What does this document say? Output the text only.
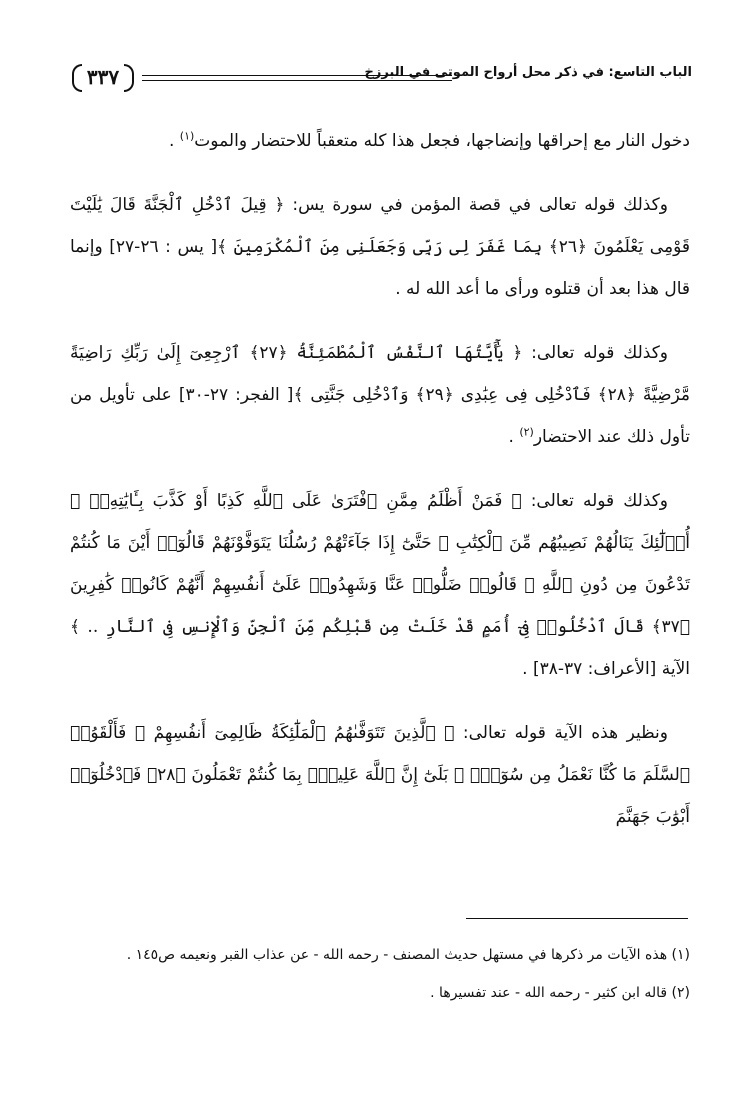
٣٣٧	الباب التاسع: في ذكر محل أرواح الموتى في البرزخ

دخول النار مع إحراقها وإنضاجها، فجعل هذا كله متعقباً للاحتضار والموت$^{(١)}$ .

وكذلك قوله تعالى في قصة المؤمن في سورة يس: ﴿ قِيلَ ٱدْخُلِ ٱلْجَنَّةَ قَالَ يَٰلَيْتَ قَوْمِى يَعْلَمُونَ ﴿٢٦﴾ بِمَا غَفَرَ لِى رَبِّى وَجَعَلَنِى مِنَ ٱلْمُكْرَمِينَ ﴾[ يس : ٢٦-٢٧] وإنما قال هذا بعد أن قتلوه ورأى ما أعد الله له .

وكذلك قوله تعالى: ﴿ يَٰٓأَيَّتُهَا ٱلنَّفْسُ ٱلْمُطْمَئِنَّةُ ﴿٢٧﴾ ٱرْجِعِىٓ إِلَىٰ رَبِّكِ رَاضِيَةً مَّرْضِيَّةً ﴿٢٨﴾ فَٱدْخُلِى فِى عِبَٰدِى ﴿٢٩﴾ وَٱدْخُلِى جَنَّتِى ﴾[ الفجر: ٢٧-٣٠] على تأويل من تأول ذلك عند الاحتضار$^{(٢)}$ .

وكذلك قوله تعالى: ﴿ فَمَنْ أَظْلَمُ مِمَّنِ ٱفْتَرَىٰ عَلَى ٱللَّهِ كَذِبًا أَوْ كَذَّبَ بِـَٔايَٰتِهِۦٓ ۚ أُو۟لَٰٓئِكَ يَنَالُهُمْ نَصِيبُهُم مِّنَ ٱلْكِتَٰبِ ۖ حَتَّىٰٓ إِذَا جَآءَتْهُمْ رُسُلُنَا يَتَوَفَّوْنَهُمْ قَالُوٓا۟ أَيْنَ مَا كُنتُمْ تَدْعُونَ مِن دُونِ ٱللَّهِ ۖ قَالُوا۟ ضَلُّوا۟ عَنَّا وَشَهِدُوا۟ عَلَىٰٓ أَنفُسِهِمْ أَنَّهُمْ كَانُوا۟ كَٰفِرِينَ ﴿٣٧﴾ قَالَ ٱدْخُلُوا۟ فِىٓ أُمَمٍ قَدْ خَلَتْ مِن قَبْلِكُم مِّنَ ٱلْجِنِّ وَٱلْإِنسِ فِى ٱلنَّارِ .. ﴾ الآية [الأعراف: ٣٧-٣٨] .

ونظير هذه الآية قوله تعالى: ﴿ ٱلَّذِينَ تَتَوَفَّىٰهُمُ ٱلْمَلَٰٓئِكَةُ ظَالِمِىٓ أَنفُسِهِمْ ۖ فَأَلْقَوُا۟ ٱلسَّلَمَ مَا كُنَّا نَعْمَلُ مِن سُوٓءٍۭ ۚ بَلَىٰٓ إِنَّ ٱللَّهَ عَلِيمٌۢ بِمَا كُنتُمْ تَعْمَلُونَ ﴿٢٨﴾ فَٱدْخُلُوٓا۟ أَبْوَٰبَ جَهَنَّمَ

(١) هذه الآيات مر ذكرها في مستهل حديث المصنف - رحمه الله - عن عذاب القبر ونعيمه ص١٤٥ .

(٢) قاله ابن كثير - رحمه الله - عند تفسيرها .
